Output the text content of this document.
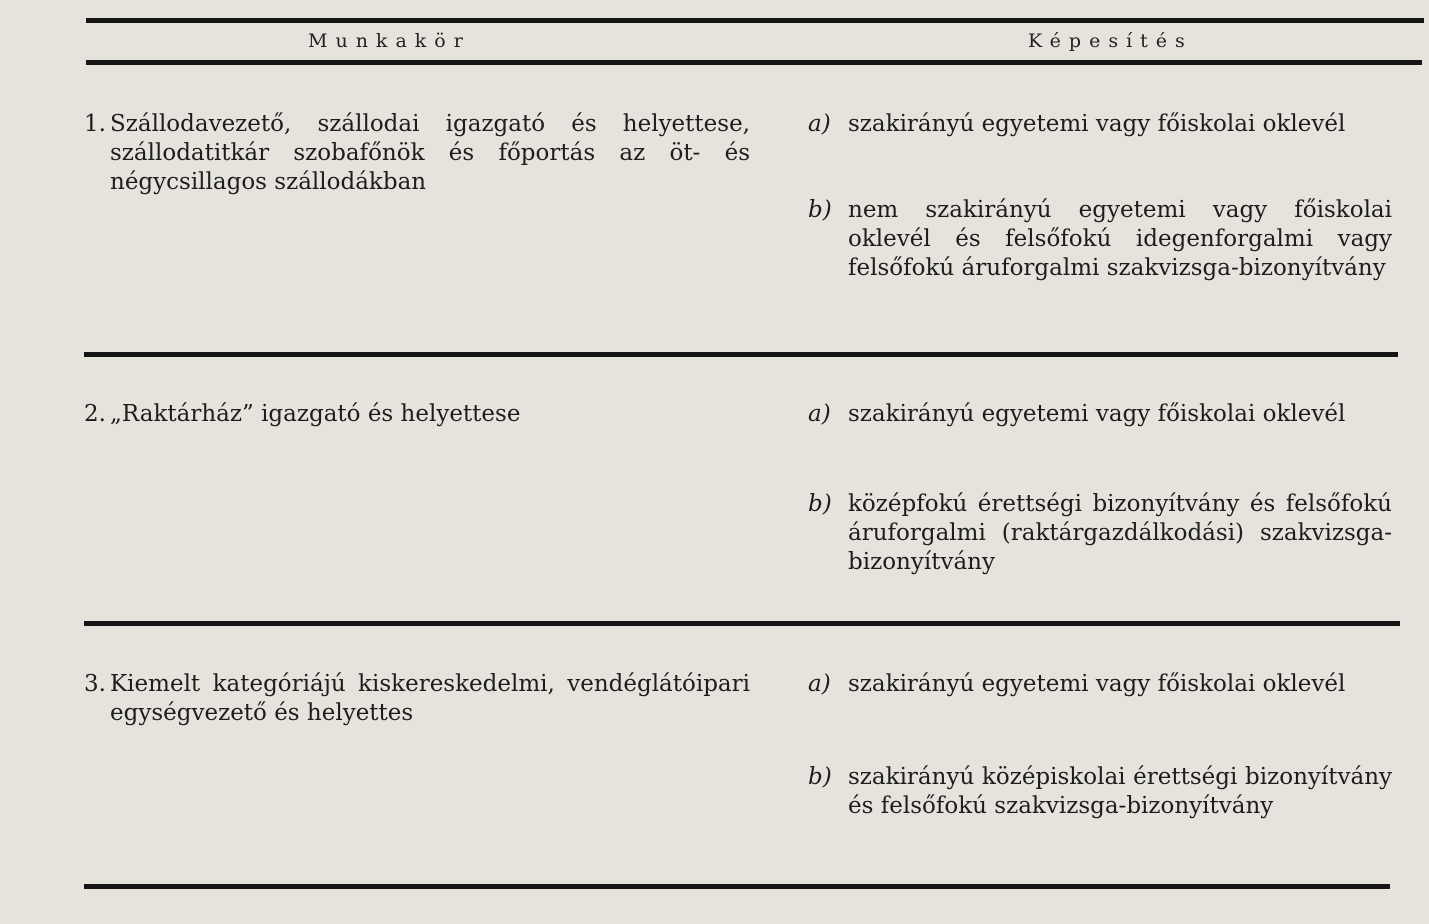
Munkakör	Képesítés
1. Szállodavezető, szállodai igazgató és helyettese, szállodatitkár szobafőnök és főportás az öt- és négycsillagos szállodákban
a) szakirányú egyetemi vagy főiskolai oklevél
b) nem szakirányú egyetemi vagy főiskolai oklevél és felsőfokú idegenforgalmi vagy felsőfokú áruforgalmi szakvizsga-bizonyítvány
2. „Raktárház” igazgató és helyettese	a) szakirányú egyetemi vagy főiskolai oklevél
b) középfokú érettségi bizonyítvány és felsőfokú áruforgalmi (raktárgazdálkodási) szakvizsga-bizonyítvány
3. Kiemelt kategóriájú kiskereskedelmi, vendéglátóipari egységvezető és helyettes
a) szakirányú egyetemi vagy főiskolai oklevél
b) szakirányú középiskolai érettségi bizonyítvány és felsőfokú szakvizsga-bizonyítvány
